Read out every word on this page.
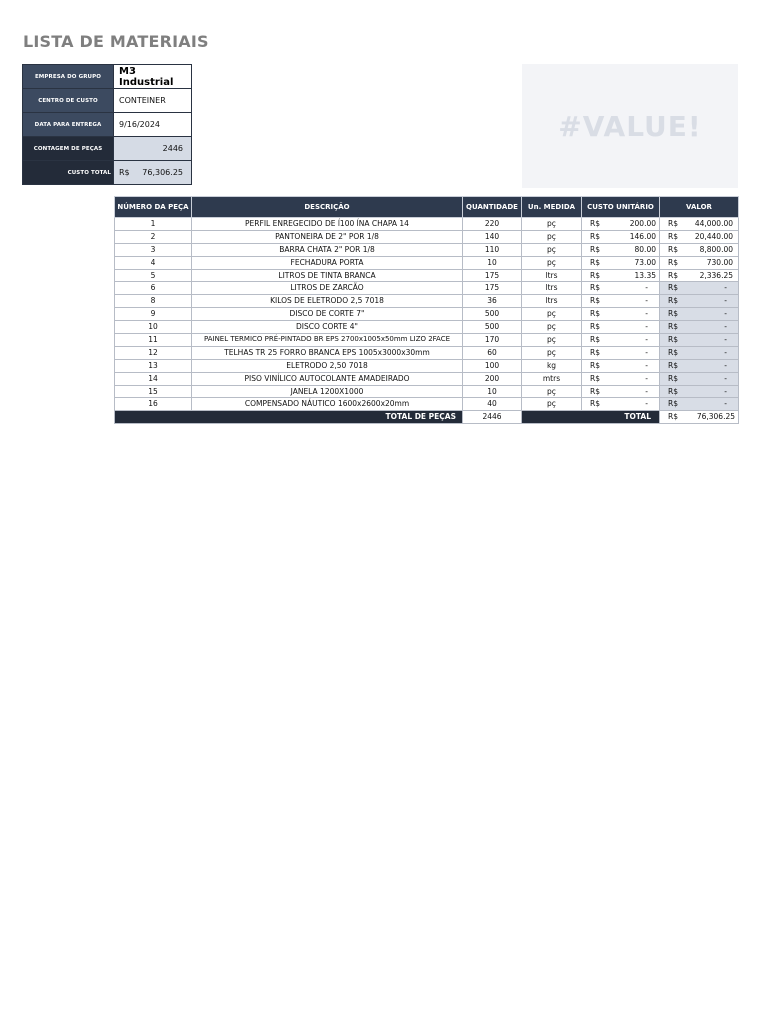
LISTA DE MATERIAIS
EMPRESA DO GRUPO	M3 Industrial
CENTRO DE CUSTO	CONTEINER
DATA PARA ENTREGA	9/16/2024
CONTAGEM DE PEÇAS	2446
CUSTO TOTAL	R$ 76,306.25
#VALUE!
NÚMERO DA PEÇA	DESCRIÇÃO	QUANTIDADE	Un. MEDIDA	CUSTO UNITÁRIO	VALOR
1	PERFIL ENREGECIDO DE ĺ100 ĺNA CHAPA 14	220	pç	R$ 200.00	R$ 44,000.00

2	PANTONEIRA DE 2" POR 1/8	140	pç	R$ 146.00	R$ 20,440.00

3	BARRA CHATA 2" POR 1/8	110	pç	R$ 80.00	R$ 8,800.00

4	FECHADURA PORTA	10	pç	R$ 73.00	R$ 730.00

5	LITROS DE TINTA BRANCA	175	ltrs	R$ 13.35	R$ 2,336.25

6	LITROS DE ZARCÃO	175	ltrs	R$ -	R$ -

8	KILOS DE ELETRODO 2,5 7018	36	ltrs	R$ -	R$ -

9	DISCO DE CORTE 7"	500	pç	R$ -	R$ -

10	DISCO CORTE 4"	500	pç	R$ -	R$ -

11	PAINEL TERMICO PRÉ-PINTADO BR EPS 2700x1005x50mm LIZO 2FACE	170	pç	R$ -	R$ -

12	TELHAS TR 25 FORRO BRANCA EPS 1005x3000x30mm	60	pç	R$ -	R$ -

13	ELETRODO 2,50 7018	100	kg	R$ -	R$ -

14	PISO VINÍLICO AUTOCOLANTE AMADEIRADO	200	mtrs	R$ -	R$ -

15	JANELA 1200X1000	10	pç	R$ -	R$ -

16	COMPENSADO NÁUTICO 1600x2600x20mm	40	pç	R$ -	R$ -

TOTAL DE PEÇAS		2446	TOTAL		R$ 76,306.25
